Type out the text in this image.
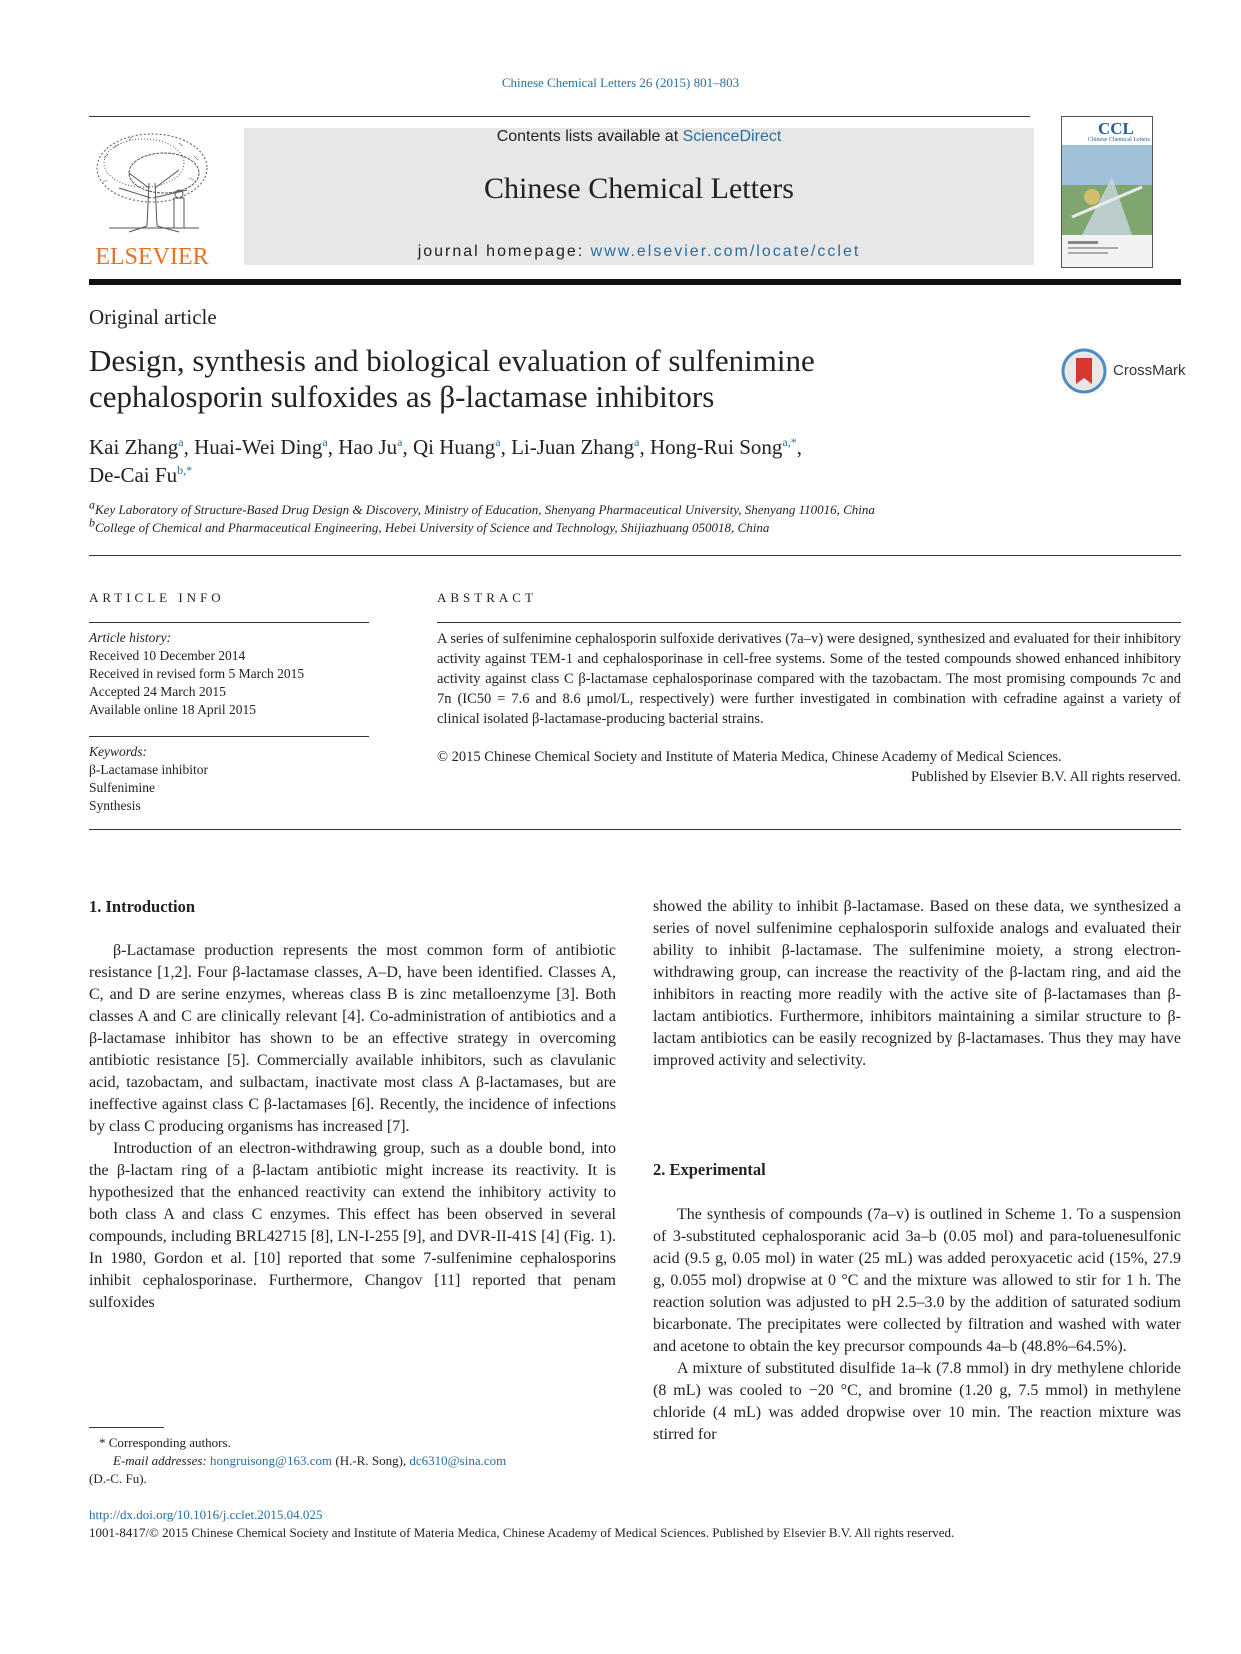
Chinese Chemical Letters 26 (2015) 801–803
ELSEVIER
Contents lists available at ScienceDirect
Chinese Chemical Letters
journal homepage: www.elsevier.com/locate/cclet
CCL
Chinese Chemical Letters
Original article
Design, synthesis and biological evaluation of sulfenimine
cephalosporin sulfoxides as β-lactamase inhibitors
CrossMark
Kai Zhang$^a$, Huai-Wei Ding$^a$, Hao Ju$^a$, Qi Huang$^a$, Li-Juan Zhang$^a$, Hong-Rui Song$^{a,*}$,
De-Cai $Fu^{b,*}$
$^a$Key Laboratory of Structure-Based Drug Design & Discovery, Ministry of Education, Shenyang Pharmaceutical University, Shenyang 110016, China
$^b$College of Chemical and Pharmaceutical Engineering, Hebei University of Science and Technology, Shijiazhuang 050018, China
ARTICLE INFO	ABSTRACT
Article history:
Received 10 December 2014
Received in revised form 5 March 2015
Accepted 24 March 2015
Available online 18 April 2015
Keywords:
β-Lactamase inhibitor
Sulfenimine
Synthesis
A series of sulfenimine cephalosporin sulfoxide derivatives (7a–v) were designed, synthesized and evaluated for their inhibitory activity against TEM-1 and cephalosporinase in cell-free systems. Some of the tested compounds showed enhanced inhibitory activity against class C β-lactamase cephalosporinase compared with the tazobactam. The most promising compounds 7c and 7n (IC50 = 7.6 and 8.6 μmol/L, respectively) were further investigated in combination with cefradine against a variety of clinical isolated β-lactamase-producing bacterial strains.
© 2015 Chinese Chemical Society and Institute of Materia Medica, Chinese Academy of Medical Sciences.
Published by Elsevier B.V. All rights reserved.
1. Introduction

β-Lactamase production represents the most common form of antibiotic resistance [1,2]. Four β-lactamase classes, A–D, have been identified. Classes A, C, and D are serine enzymes, whereas class B is zinc metalloenzyme [3]. Both classes A and C are clinically relevant [4]. Co-administration of antibiotics and a β-lactamase inhibitor has shown to be an effective strategy in overcoming antibiotic resistance [5]. Commercially available inhibitors, such as clavulanic acid, tazobactam, and sulbactam, inactivate most class A β-lactamases, but are ineffective against class C β-lactamases [6]. Recently, the incidence of infections by class C producing organisms has increased [7].

Introduction of an electron-withdrawing group, such as a double bond, into the β-lactam ring of a β-lactam antibiotic might increase its reactivity. It is hypothesized that the enhanced reactivity can extend the inhibitory activity to both class A and class C enzymes. This effect has been observed in several compounds, including BRL42715 [8], LN-I-255 [9], and DVR-II-41S [4] (Fig. 1). In 1980, Gordon et al. [10] reported that some 7-sulfenimine cephalosporins inhibit cephalosporinase. Furthermore, Changov [11] reported that penam sulfoxides

showed the ability to inhibit β-lactamase. Based on these data, we synthesized a series of novel sulfenimine cephalosporin sulfoxide analogs and evaluated their ability to inhibit β-lactamase. The sulfenimine moiety, a strong electron-withdrawing group, can increase the reactivity of the β-lactam ring, and aid the inhibitors in reacting more readily with the active site of β-lactamases than β-lactam antibiotics. Furthermore, inhibitors maintaining a similar structure to β-lactam antibiotics can be easily recognized by β-lactamases. Thus they may have improved activity and selectivity.

2. Experimental

The synthesis of compounds (7a–v) is outlined in Scheme 1. To a suspension of 3-substituted cephalosporanic acid 3a–b (0.05 mol) and para-toluenesulfonic acid (9.5 g, 0.05 mol) in water (25 mL) was added peroxyacetic acid (15%, 27.9 g, 0.055 mol) dropwise at 0 °C and the mixture was allowed to stir for 1 h. The reaction solution was adjusted to pH 2.5–3.0 by the addition of saturated sodium bicarbonate. The precipitates were collected by filtration and washed with water and acetone to obtain the key precursor compounds 4a–b (48.8%–64.5%).

A mixture of substituted disulfide 1a–k (7.8 mmol) in dry methylene chloride (8 mL) was cooled to −20 °C, and bromine (1.20 g, 7.5 mmol) in methylene chloride (4 mL) was added dropwise over 10 min. The reaction mixture was stirred for

* Corresponding authors.
E-mail addresses: hongruisong@163.com (H.-R. Song), dc6310@sina.com
(D.-C. Fu).
http://dx.doi.org/10.1016/j.cclet.2015.04.025
1001-8417/© 2015 Chinese Chemical Society and Institute of Materia Medica, Chinese Academy of Medical Sciences. Published by Elsevier B.V. All rights reserved.
